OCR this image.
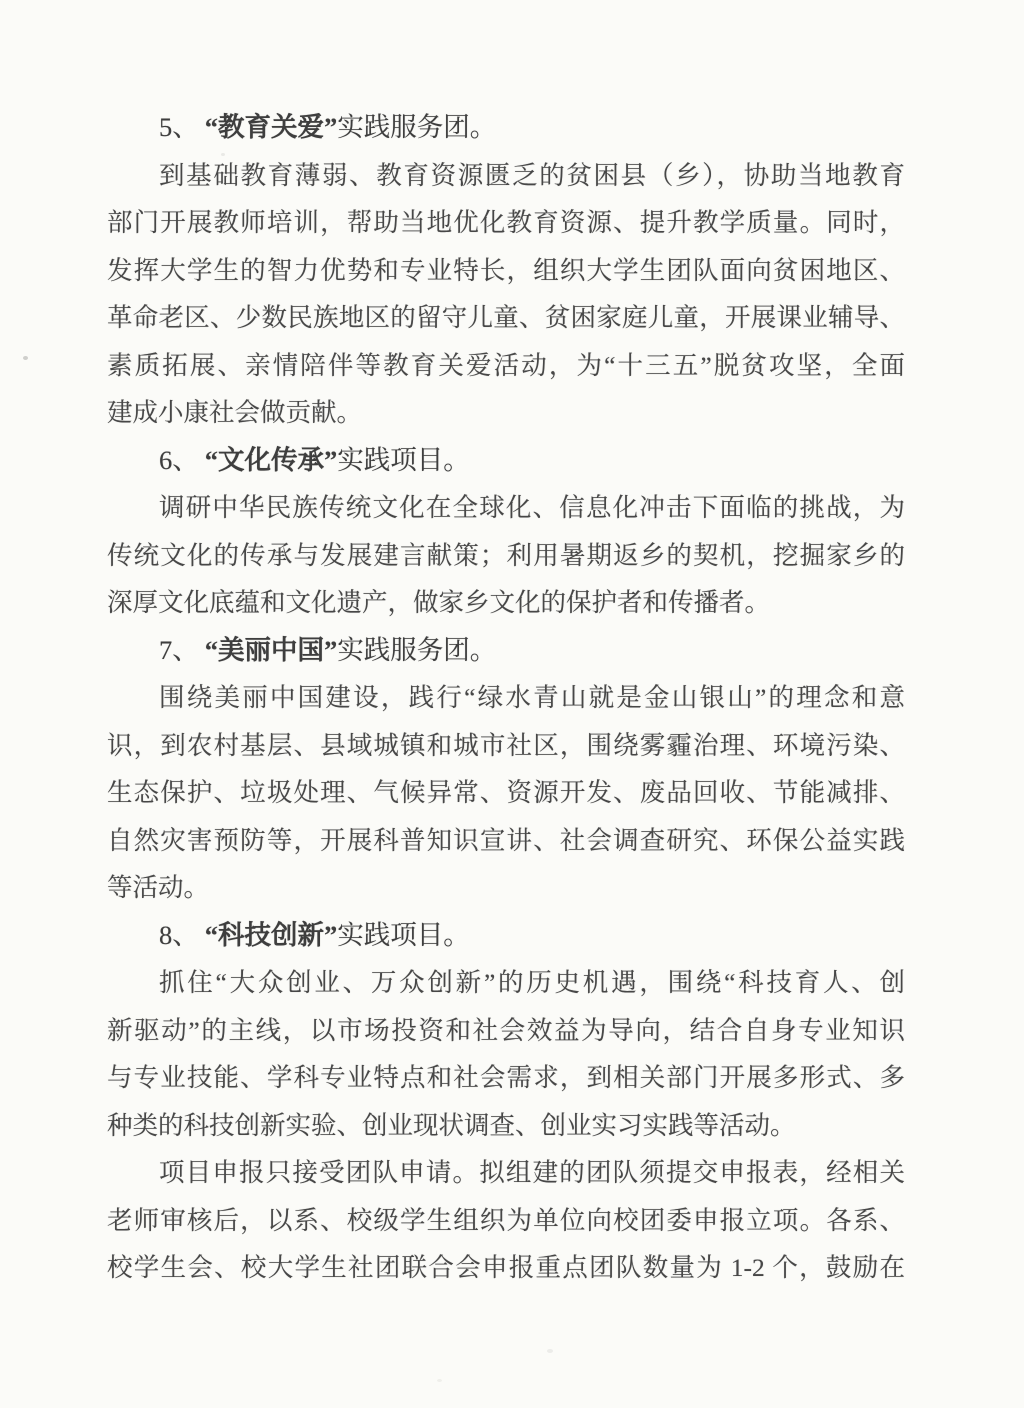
5、 “教育关爱”实践服务团。
到基础教育薄弱、教育资源匮乏的贫困县（乡），协助当地教育
部门开展教师培训，帮助当地优化教育资源、提升教学质量。同时，
发挥大学生的智力优势和专业特长，组织大学生团队面向贫困地区、
革命老区、少数民族地区的留守儿童、贫困家庭儿童，开展课业辅导、
素质拓展、亲情陪伴等教育关爱活动，为“十三五”脱贫攻坚，全面
建成小康社会做贡献。
6、 “文化传承”实践项目。
调研中华民族传统文化在全球化、信息化冲击下面临的挑战，为
传统文化的传承与发展建言献策；利用暑期返乡的契机，挖掘家乡的
深厚文化底蕴和文化遗产，做家乡文化的保护者和传播者。
7、 “美丽中国”实践服务团。
围绕美丽中国建设，践行“绿水青山就是金山银山”的理念和意
识，到农村基层、县域城镇和城市社区，围绕雾霾治理、环境污染、
生态保护、垃圾处理、气候异常、资源开发、废品回收、节能减排、
自然灾害预防等，开展科普知识宣讲、社会调查研究、环保公益实践
等活动。
8、 “科技创新”实践项目。
抓住“大众创业、万众创新”的历史机遇，围绕“科技育人、创
新驱动”的主线，以市场投资和社会效益为导向，结合自身专业知识
与专业技能、学科专业特点和社会需求，到相关部门开展多形式、多
种类的科技创新实验、创业现状调查、创业实习实践等活动。
项目申报只接受团队申请。拟组建的团队须提交申报表，经相关
老师审核后，以系、校级学生组织为单位向校团委申报立项。各系、
校学生会、校大学生社团联合会申报重点团队数量为 1-2 个，鼓励在
